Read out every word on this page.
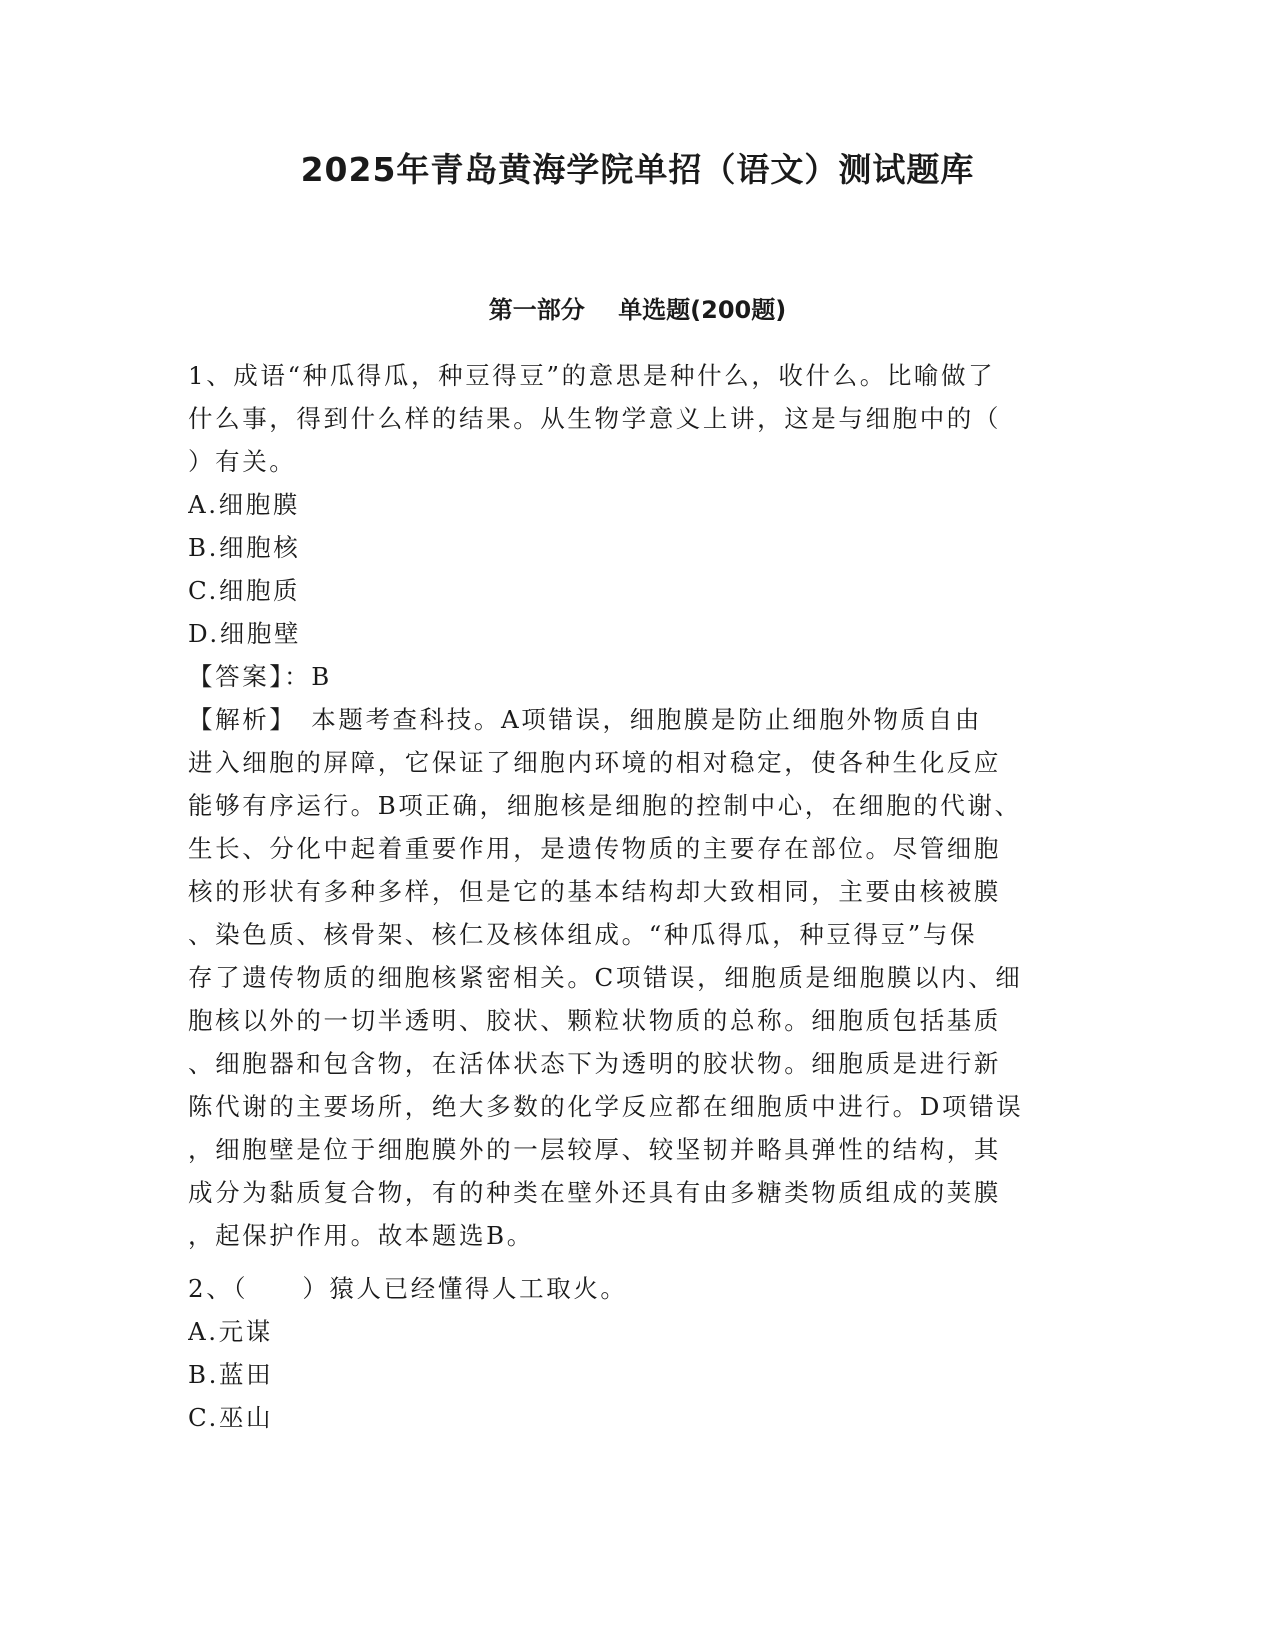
2025年青岛黄海学院单招（语文）测试题库
第一部分 单选题(200题)
1、成语“种瓜得瓜，种豆得豆”的意思是种什么，收什么。比喻做了
什么事，得到什么样的结果。从生物学意义上讲，这是与细胞中的（
）有关。
A.细胞膜
B.细胞核
C.细胞质
D.细胞壁
【答案】：B
【解析】　本题考查科技。A项错误，细胞膜是防止细胞外物质自由
进入细胞的屏障，它保证了细胞内环境的相对稳定，使各种生化反应
能够有序运行。B项正确，细胞核是细胞的控制中心，在细胞的代谢、
生长、分化中起着重要作用，是遗传物质的主要存在部位。尽管细胞
核的形状有多种多样，但是它的基本结构却大致相同，主要由核被膜
、染色质、核骨架、核仁及核体组成。“种瓜得瓜，种豆得豆”与保
存了遗传物质的细胞核紧密相关。C项错误，细胞质是细胞膜以内、细
胞核以外的一切半透明、胶状、颗粒状物质的总称。细胞质包括基质
、细胞器和包含物，在活体状态下为透明的胶状物。细胞质是进行新
陈代谢的主要场所，绝大多数的化学反应都在细胞质中进行。D项错误
，细胞壁是位于细胞膜外的一层较厚、较坚韧并略具弹性的结构，其
成分为黏质复合物，有的种类在壁外还具有由多糖类物质组成的荚膜
，起保护作用。故本题选B。
2、（　　）猿人已经懂得人工取火。
A.元谋
B.蓝田
C.巫山
